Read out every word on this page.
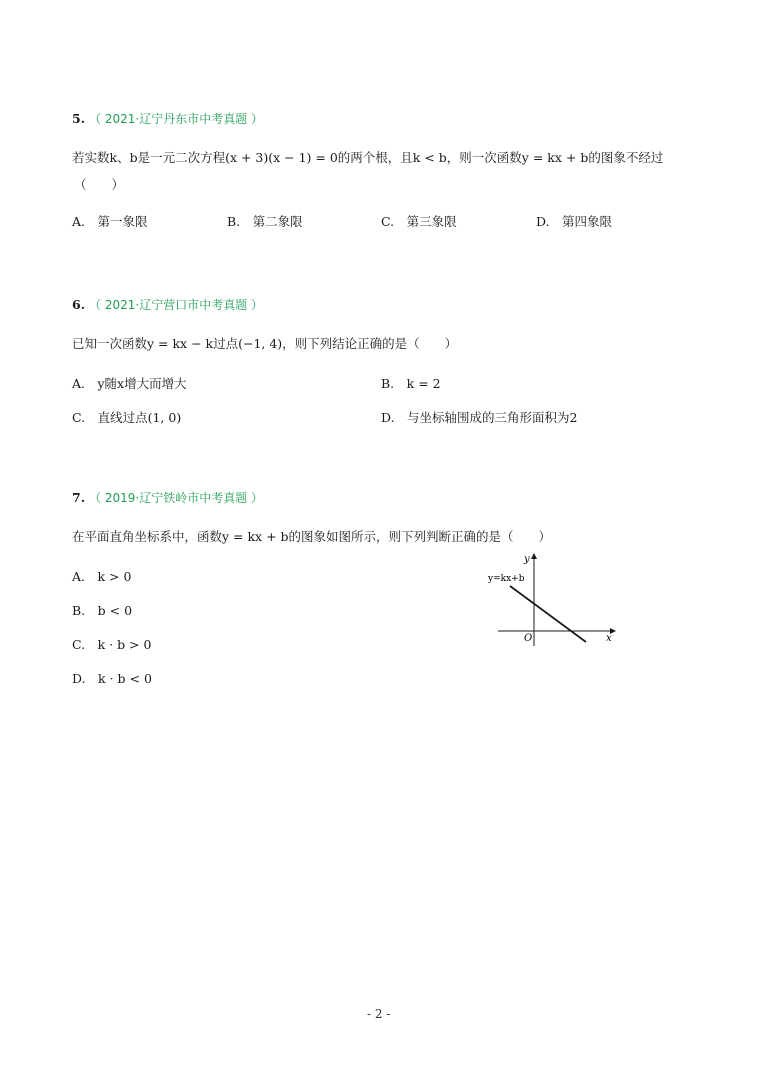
5. （ 2021·辽宁丹东市中考真题 ）
若实数k、b是一元二次方程(x + 3)(x − 1) = 0的两个根，且k < b，则一次函数y = kx + b的图象不经过
（　　）
A.　第一象限	B.　第二象限	C.　第三象限	D.　第四象限
6. （ 2021·辽宁营口市中考真题 ）
已知一次函数y = kx − k过点(−1, 4)，则下列结论正确的是（　　）
A.　y随x增大而增大	B.　k = 2
C.　直线过点(1, 0)	D.　与坐标轴围成的三角形面积为2
7. （ 2019·辽宁铁岭市中考真题 ）
在平面直角坐标系中，函数y = kx + b的图象如图所示，则下列判断正确的是（　　）
A.　k > 0
B.　b < 0
C.　k · b > 0
D.　k · b < 0
y
x
O
y=kx+b
- 2 -
